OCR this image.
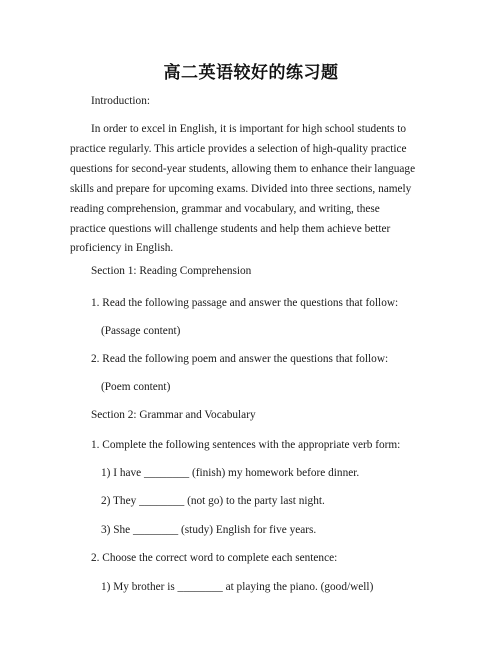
高二英语较好的练习题

Introduction:

In order to excel in English, it is important for high school students to
practice regularly. This article provides a selection of high-quality practice
questions for second-year students, allowing them to enhance their language
skills and prepare for upcoming exams. Divided into three sections, namely
reading comprehension, grammar and vocabulary, and writing, these
practice questions will challenge students and help them achieve better
proficiency in English.

Section 1: Reading Comprehension

1. Read the following passage and answer the questions that follow:

(Passage content)

2. Read the following poem and answer the questions that follow:

(Poem content)

Section 2: Grammar and Vocabulary

1. Complete the following sentences with the appropriate verb form:

1) I have ________ (finish) my homework before dinner.

2) They ________ (not go) to the party last night.

3) She ________ (study) English for five years.

2. Choose the correct word to complete each sentence:

1) My brother is ________ at playing the piano. (good/well)
